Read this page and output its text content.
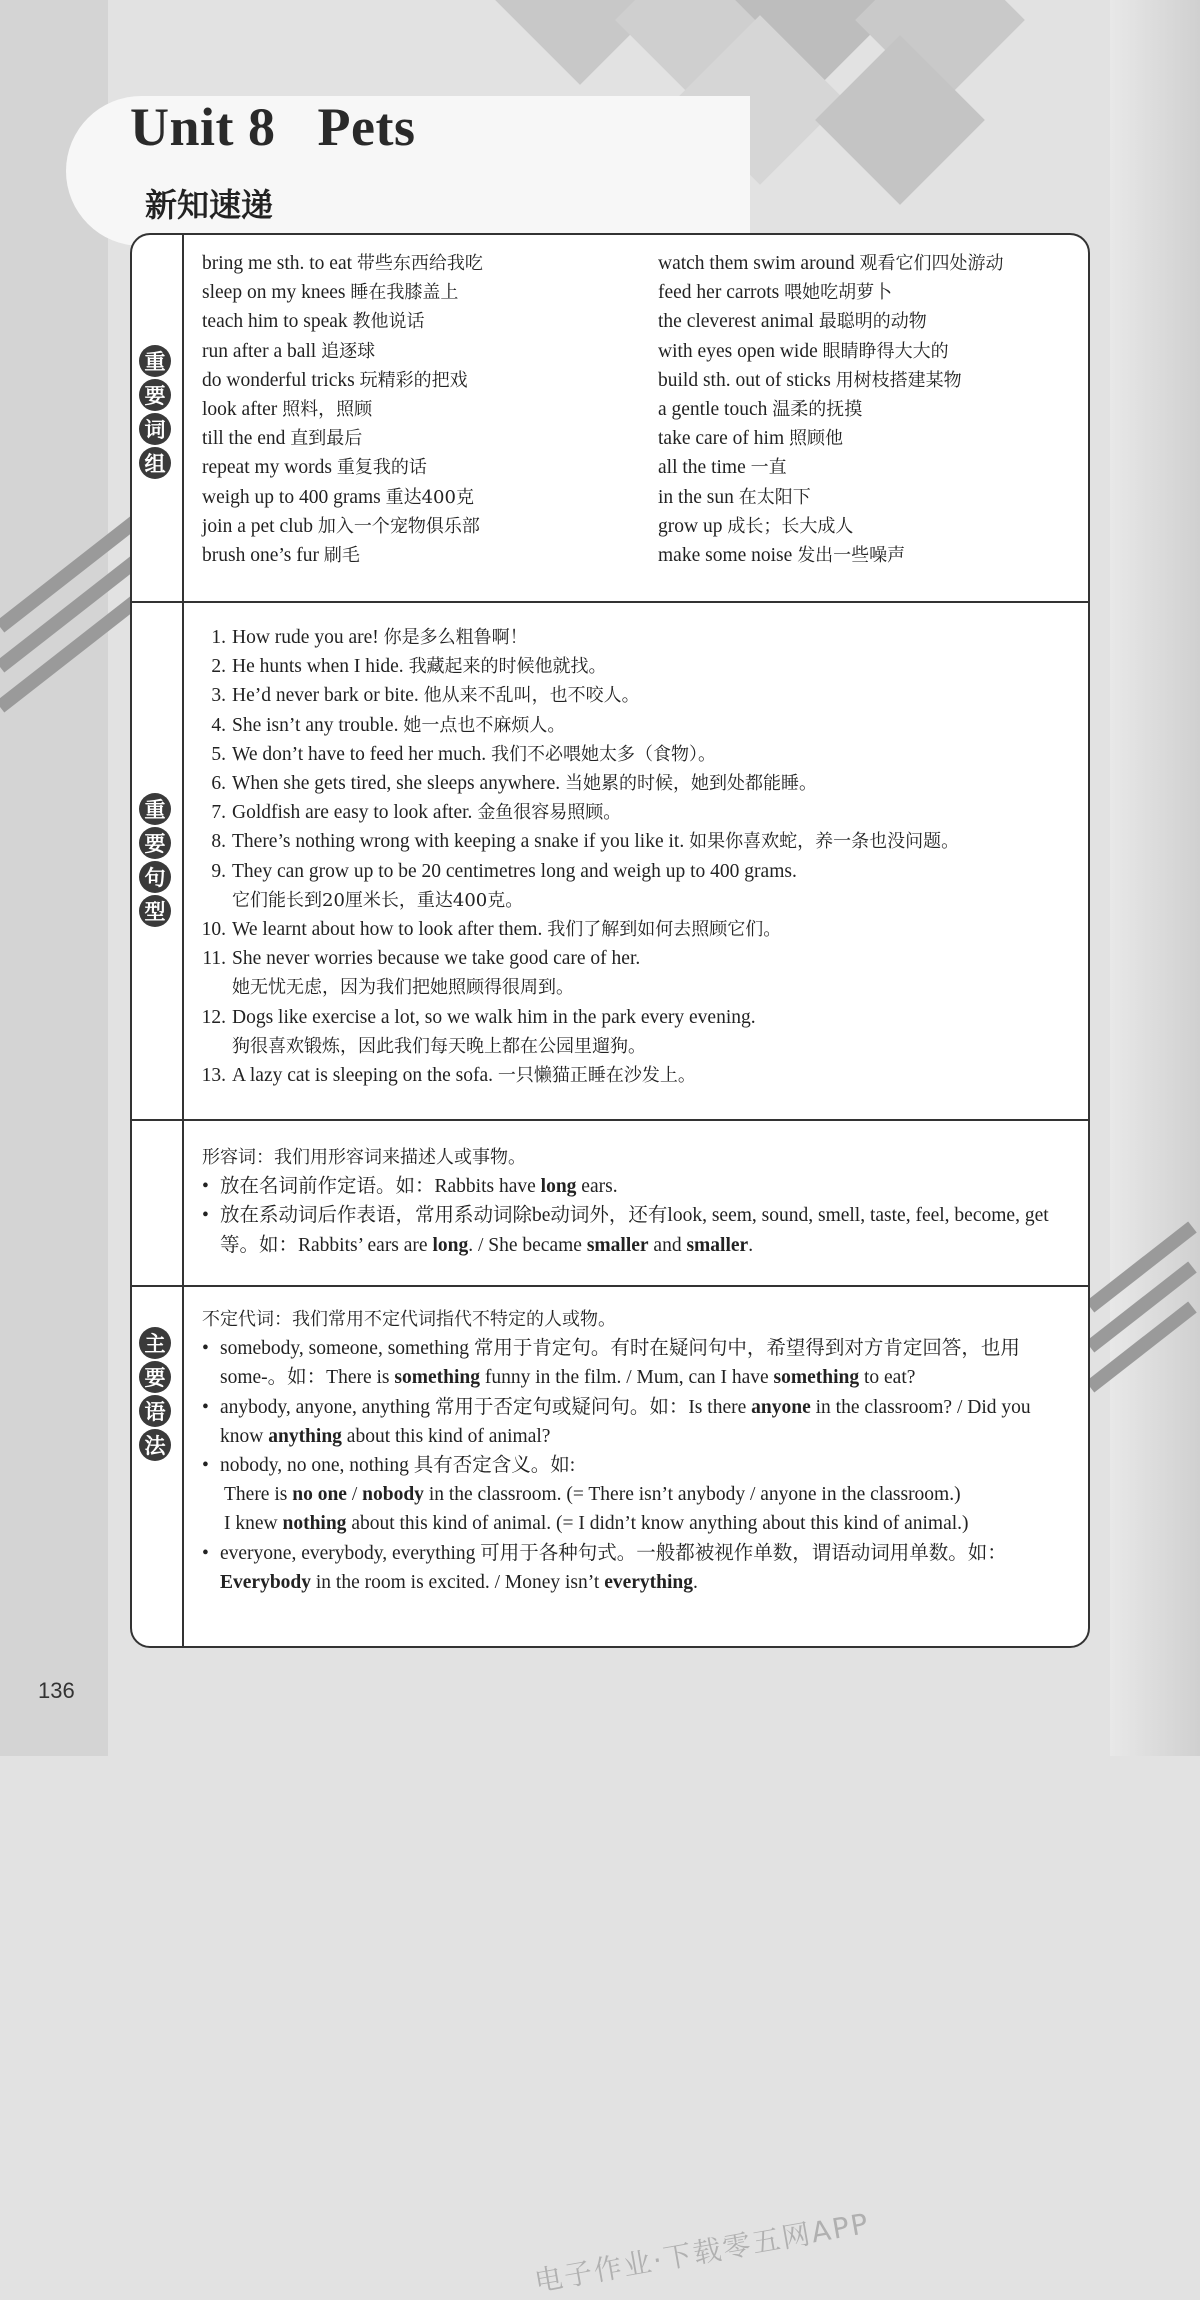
Unit 8   Pets
新知速递
重
要
词
组
bring me sth. to eat 带些东西给我吃	watch them swim around 观看它们四处游动
sleep on my knees 睡在我膝盖上	feed her carrots 喂她吃胡萝卜
teach him to speak 教他说话	the cleverest animal 最聪明的动物
run after a ball 追逐球	with eyes open wide 眼睛睁得大大的
do wonderful tricks 玩精彩的把戏	build sth. out of sticks 用树枝搭建某物
look after 照料，照顾	a gentle touch 温柔的抚摸
till the end 直到最后	take care of him 照顾他
repeat my words 重复我的话	all the time 一直
weigh up to 400 grams 重达400克	in the sun 在太阳下
join a pet club 加入一个宠物俱乐部	grow up 成长；长大成人
brush one’s fur 刷毛	make some noise 发出一些噪声
重
要
句
型
1. How rude you are! 你是多么粗鲁啊！
2. He hunts when I hide. 我藏起来的时候他就找。
3. He’d never bark or bite. 他从来不乱叫，也不咬人。
4. She isn’t any trouble. 她一点也不麻烦人。
5. We don’t have to feed her much. 我们不必喂她太多（食物）。
6. When she gets tired, she sleeps anywhere. 当她累的时候，她到处都能睡。
7. Goldfish are easy to look after. 金鱼很容易照顾。
8. There’s nothing wrong with keeping a snake if you like it. 如果你喜欢蛇，养一条也没问题。
9. They can grow up to be 20 centimetres long and weigh up to 400 grams.
它们能长到20厘米长，重达400克。
10. We learnt about how to look after them. 我们了解到如何去照顾它们。
11. She never worries because we take good care of her.
她无忧无虑，因为我们把她照顾得很周到。
12. Dogs like exercise a lot, so we walk him in the park every evening.
狗很喜欢锻炼，因此我们每天晚上都在公园里遛狗。
13. A lazy cat is sleeping on the sofa. 一只懒猫正睡在沙发上。
形容词：我们用形容词来描述人或事物。
• 放在名词前作定语。如：Rabbits have long ears.
• 放在系动词后作表语，常用系动词除be动词外，还有look, seem, sound, smell, taste, feel, become, get等。如：Rabbits’ ears are long. / She became smaller and smaller.
电子作业·下载零五网APP
主
要
语
法
不定代词：我们常用不定代词指代不特定的人或物。
• somebody, someone, something 常用于肯定句。有时在疑问句中，希望得到对方肯定回答，也用some-。如：There is something funny in the film. / Mum, can I have something to eat?
• anybody, anyone, anything 常用于否定句或疑问句。如：Is there anyone in the classroom? / Did you know anything about this kind of animal?
• nobody, no one, nothing 具有否定含义。如:
There is no one / nobody in the classroom. (= There isn’t anybody / anyone in the classroom.)
I knew nothing about this kind of animal. (= I didn’t know anything about this kind of animal.)
• everyone, everybody, everything 可用于各种句式。一般都被视作单数，谓语动词用单数。如：Everybody in the room is excited. / Money isn’t everything.
136
